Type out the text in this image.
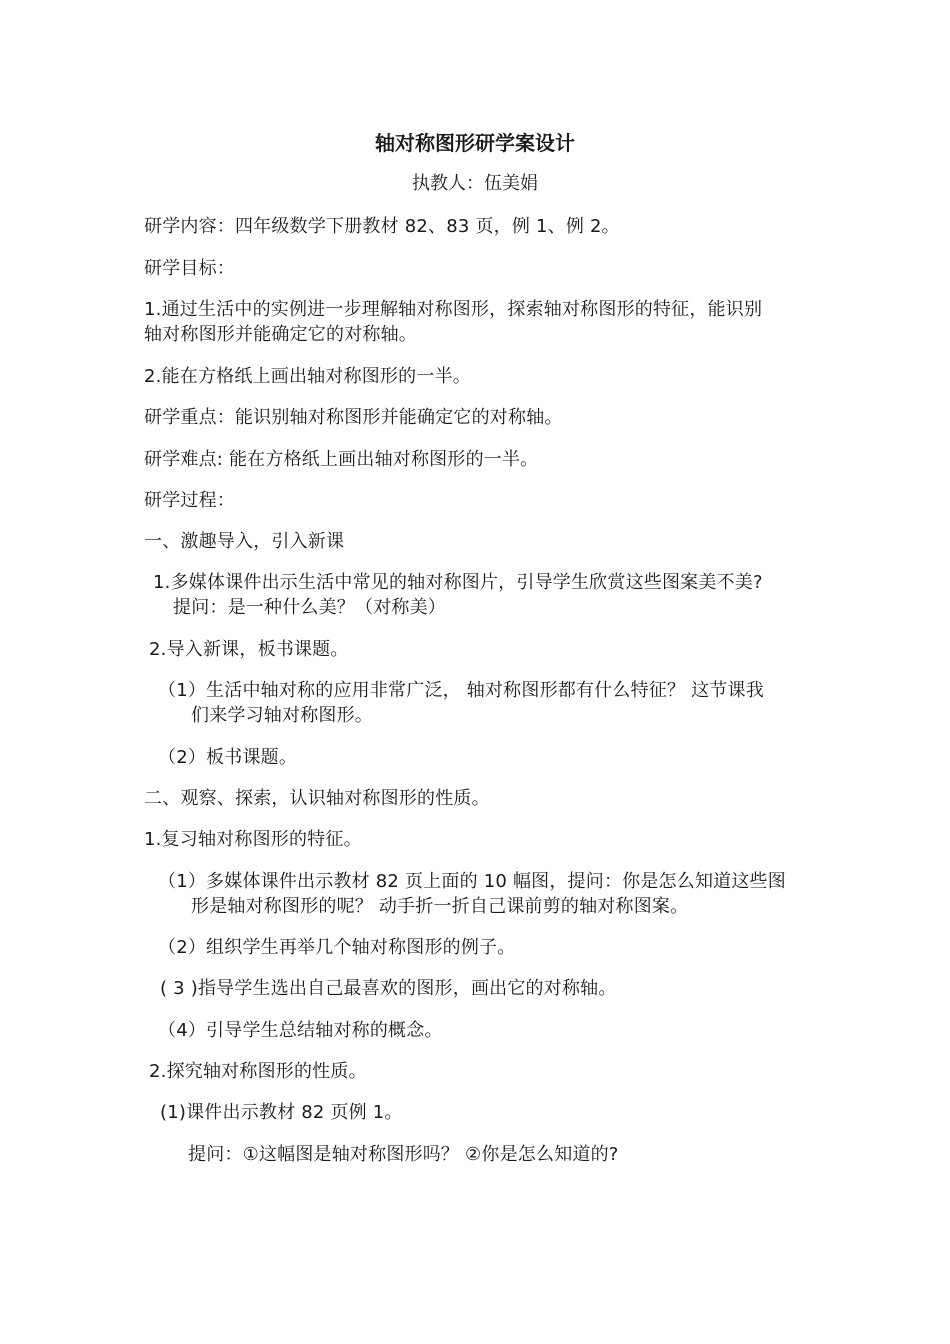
轴对称图形研学案设计

执教人：伍美娟

研学内容：四年级数学下册教材 82、83 页，例 1、例 2。

研学目标：

1.通过生活中的实例进一步理解轴对称图形，探索轴对称图形的特征，能识别

轴对称图形并能确定它的对称轴。

2.能在方格纸上画出轴对称图形的一半。

研学重点：能识别轴对称图形并能确定它的对称轴。

研学难点: 能在方格纸上画出轴对称图形的一半。

研学过程：

一、激趣导入，引入新课

1.多媒体课件出示生活中常见的轴对称图片，引导学生欣赏这些图案美不美?

提问：是一种什么美？（对称美）

2.导入新课，板书课题。

（1）生活中轴对称的应用非常广泛， 轴对称图形都有什么特征？ 这节课我

们来学习轴对称图形。

（2）板书课题。

二、观察、探索，认识轴对称图形的性质。

1.复习轴对称图形的特征。

（1）多媒体课件出示教材 82 页上面的 10 幅图，提问：你是怎么知道这些图

形是轴对称图形的呢？ 动手折一折自己课前剪的轴对称图案。

（2）组织学生再举几个轴对称图形的例子。

( 3 )指导学生选出自己最喜欢的图形，画出它的对称轴。

（4）引导学生总结轴对称的概念。

2.探究轴对称图形的性质。

(1)课件出示教材 82 页例 1。

提问：①这幅图是轴对称图形吗？ ②你是怎么知道的?
